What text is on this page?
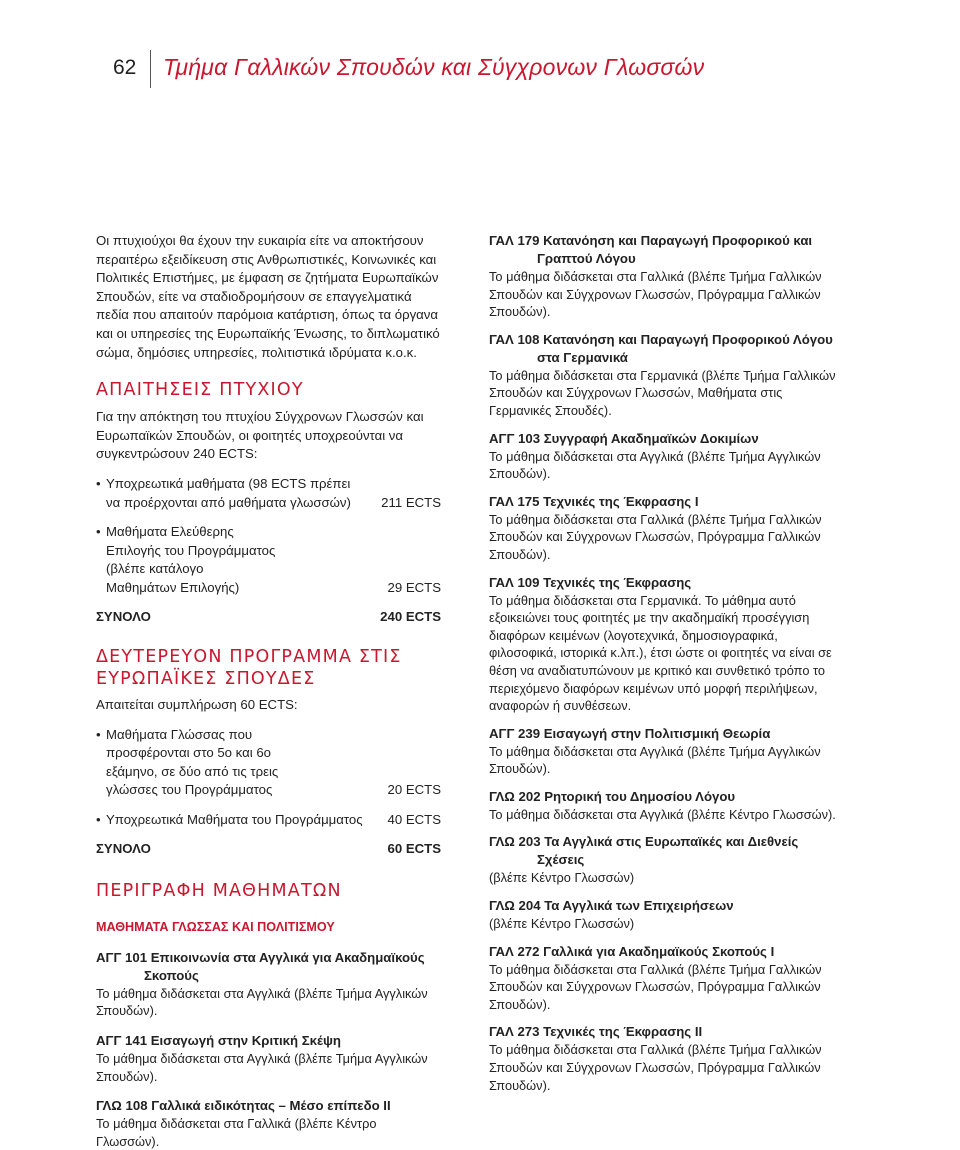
62 Τμήμα Γαλλικών Σπουδών και Σύγχρονων Γλωσσών

Οι πτυχιούχοι θα έχουν την ευκαιρία είτε να αποκτήσουν περαιτέρω εξειδίκευση στις Ανθρωπιστικές, Κοινωνικές και Πολιτικές Επιστήμες, με έμφαση σε ζητήματα Ευρωπαϊκών Σπουδών, είτε να σταδιοδρομήσουν σε επαγγελματικά πεδία που απαιτούν παρόμοια κατάρτιση, όπως τα όργανα και οι υπηρεσίες της Ευρωπαϊκής Ένωσης, το διπλωματικό σώμα, δημόσιες υπηρεσίες, πολιτιστικά ιδρύματα κ.ο.κ.

ΑΠΑΙΤΗΣΕΙΣ ΠΤΥΧΙΟΥ

Για την απόκτηση του πτυχίου Σύγχρονων Γλωσσών και Ευρωπαϊκών Σπουδών, οι φοιτητές υποχρεούνται να συγκεντρώσουν 240 ECTS:

• Υποχρεωτικά μαθήματα (98 ECTS πρέπει να προέρχονται από μαθήματα γλωσσών)	211 ECTS
• Μαθήματα Ελεύθερης Επιλογής του Προγράμματος (βλέπε κατάλογο Μαθημάτων Επιλογής)	29 ECTS
ΣΥΝΟΛΟ	240 ECTS
ΔΕΥΤΕΡΕΥΟΝ ΠΡΟΓΡΑΜΜΑ ΣΤΙΣ
ΕΥΡΩΠΑΪΚΕΣ ΣΠΟΥΔΕΣ

Απαιτείται συμπλήρωση 60 ECTS:

• Μαθήματα Γλώσσας που προσφέρονται στο 5ο και 6ο εξάμηνο, σε δύο από τις τρεις γλώσσες του Προγράμματος	20 ECTS
• Υποχρεωτικά Μαθήματα του Προγράμματος 40 ECTS
ΣΥΝΟΛΟ	60 ECTS
ΠΕΡΙΓΡΑΦΗ ΜΑΘΗΜΑΤΩΝ
ΜΑΘΗΜΑΤΑ ΓΛΩΣΣΑΣ ΚΑΙ ΠΟΛΙΤΙΣΜΟΥ
ΑΓΓ 101 Επικοινωνία στα Αγγλικά για Ακαδημαϊκούς
Σκοπούς

Το μάθημα διδάσκεται στα Αγγλικά (βλέπε Τμήμα Αγγλικών Σπουδών).

ΑΓΓ 141 Εισαγωγή στην Κριτική Σκέψη

Το μάθημα διδάσκεται στα Αγγλικά (βλέπε Τμήμα Αγγλικών Σπουδών).

ΓΛΩ 108 Γαλλικά ειδικότητας – Μέσο επίπεδο ΙΙ

Το μάθημα διδάσκεται στα Γαλλικά (βλέπε Κέντρο Γλωσσών).

ΓΑΛ 179 Κατανόηση και Παραγωγή Προφορικού και
Γραπτού Λόγου

Το μάθημα διδάσκεται στα Γαλλικά (βλέπε Τμήμα Γαλλικών Σπουδών και Σύγχρονων Γλωσσών, Πρόγραμμα Γαλλικών Σπουδών).

ΓΑΛ 108 Κατανόηση και Παραγωγή Προφορικού Λόγου
στα Γερμανικά

Το μάθημα διδάσκεται στα Γερμανικά (βλέπε Τμήμα Γαλλικών Σπουδών και Σύγχρονων Γλωσσών, Μαθήματα στις Γερμανικές Σπουδές).

ΑΓΓ 103 Συγγραφή Ακαδημαϊκών Δοκιμίων

Το μάθημα διδάσκεται στα Αγγλικά (βλέπε Τμήμα Αγγλικών Σπουδών).

ΓΑΛ 175 Τεχνικές της Έκφρασης Ι

Το μάθημα διδάσκεται στα Γαλλικά (βλέπε Τμήμα Γαλλικών Σπουδών και Σύγχρονων Γλωσσών, Πρόγραμμα Γαλλικών Σπουδών).

ΓΑΛ 109 Τεχνικές της Έκφρασης

Το μάθημα διδάσκεται στα Γερμανικά. Το μάθημα αυτό εξοικειώνει τους φοιτητές με την ακαδημαϊκή προσέγγιση διαφόρων κειμένων (λογοτεχνικά, δημοσιογραφικά, φιλοσοφικά, ιστορικά κ.λπ.), έτσι ώστε οι φοιτητές να είναι σε θέση να αναδιατυπώνουν με κριτικό και συνθετικό τρόπο το περιεχόμενο διαφόρων κειμένων υπό μορφή περιλήψεων, αναφορών ή συνθέσεων.

ΑΓΓ 239 Εισαγωγή στην Πολιτισμική Θεωρία

Το μάθημα διδάσκεται στα Αγγλικά (βλέπε Τμήμα Αγγλικών Σπουδών).

ΓΛΩ 202 Ρητορική του Δημοσίου Λόγου

Το μάθημα διδάσκεται στα Αγγλικά (βλέπε Κέντρο Γλωσσών).

ΓΛΩ 203 Τα Αγγλικά στις Ευρωπαϊκές και Διεθνείς
Σχέσεις

(βλέπε Κέντρο Γλωσσών)

ΓΛΩ 204 Τα Αγγλικά των Επιχειρήσεων

(βλέπε Κέντρο Γλωσσών)

ΓΑΛ 272 Γαλλικά για Ακαδημαϊκούς Σκοπούς Ι

Το μάθημα διδάσκεται στα Γαλλικά (βλέπε Τμήμα Γαλλικών Σπουδών και Σύγχρονων Γλωσσών, Πρόγραμμα Γαλλικών Σπουδών).

ΓΑΛ 273 Τεχνικές της Έκφρασης ΙΙ

Το μάθημα διδάσκεται στα Γαλλικά (βλέπε Τμήμα Γαλλικών Σπουδών και Σύγχρονων Γλωσσών, Πρόγραμμα Γαλλικών Σπουδών).
